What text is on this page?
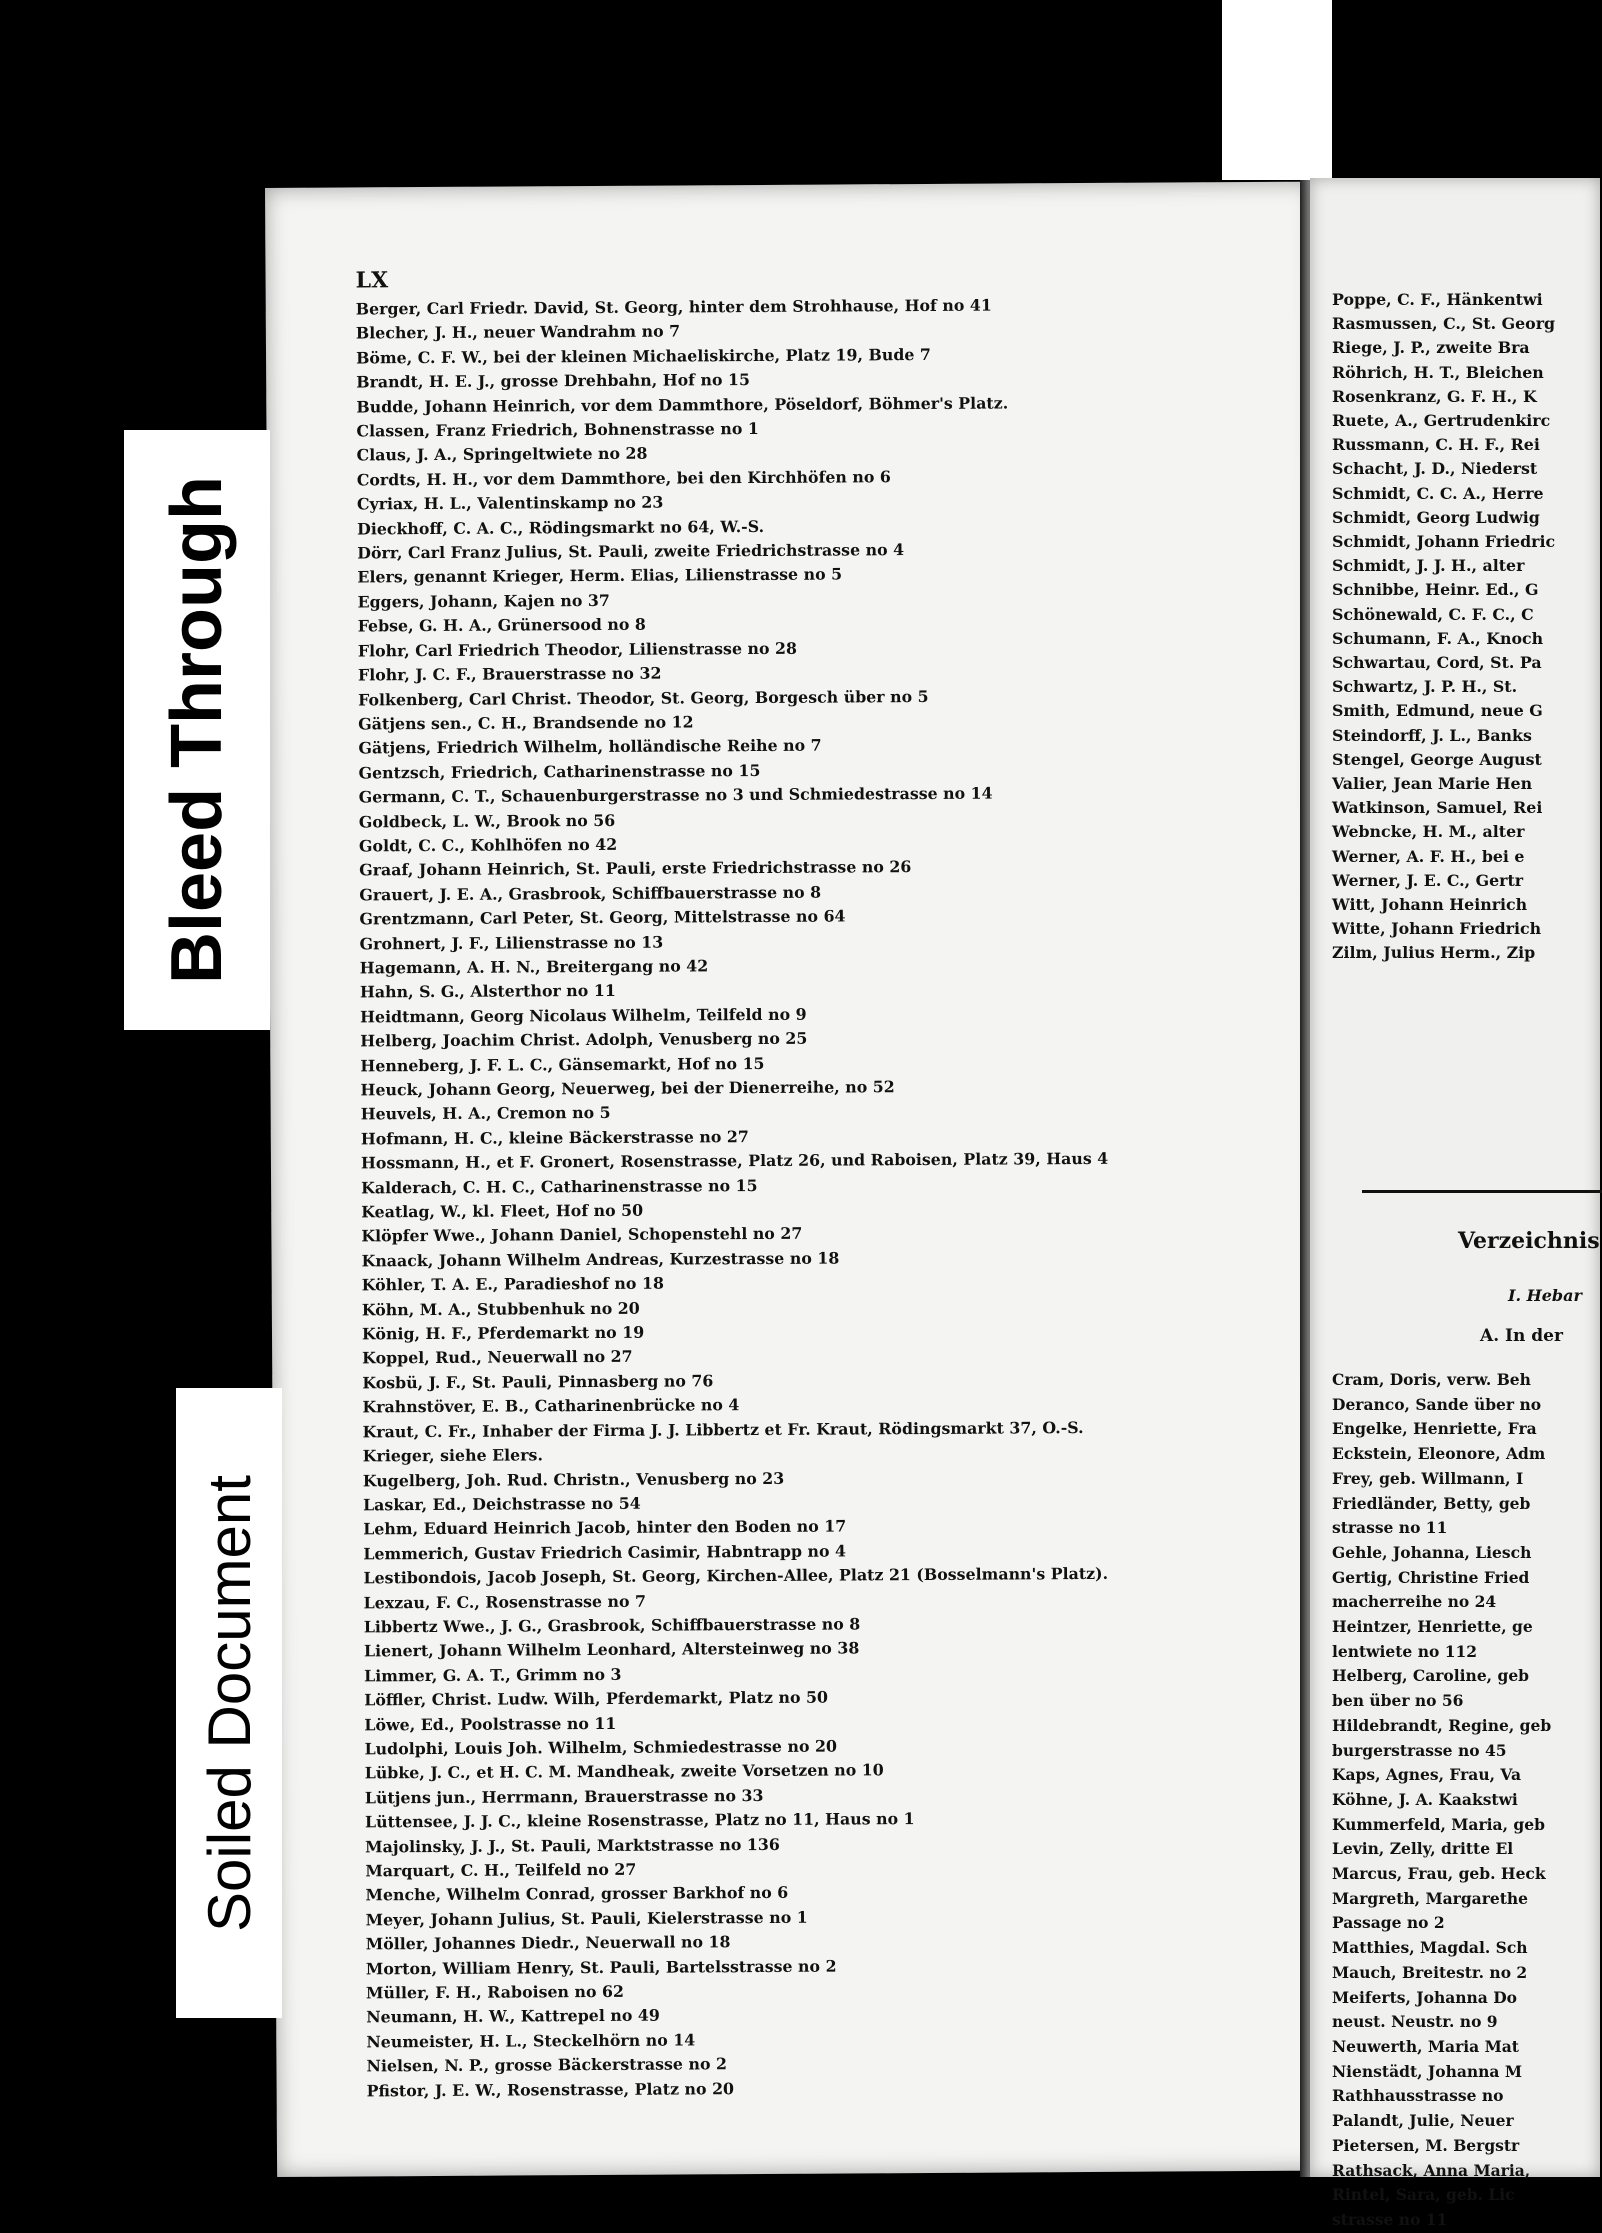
LX
Berger, Carl Friedr. David, St. Georg, hinter dem Strohhause, Hof no 41
Blecher, J. H., neuer Wandrahm no 7
Böme, C. F. W., bei der kleinen Michaeliskirche, Platz 19, Bude 7
Brandt, H. E. J., grosse Drehbahn, Hof no 15
Budde, Johann Heinrich, vor dem Dammthore, Pöseldorf, Böhmer's Platz.
Classen, Franz Friedrich, Bohnenstrasse no 1
Claus, J. A., Springeltwiete no 28
Cordts, H. H., vor dem Dammthore, bei den Kirchhöfen no 6
Cyriax, H. L., Valentinskamp no 23
Dieckhoff, C. A. C., Rödingsmarkt no 64, W.-S.
Dörr, Carl Franz Julius, St. Pauli, zweite Friedrichstrasse no 4
Elers, genannt Krieger, Herm. Elias, Lilienstrasse no 5
Eggers, Johann, Kajen no 37
Febse, G. H. A., Grünersood no 8
Flohr, Carl Friedrich Theodor, Lilienstrasse no 28
Flohr, J. C. F., Brauerstrasse no 32
Folkenberg, Carl Christ. Theodor, St. Georg, Borgesch über no 5
Gätjens sen., C. H., Brandsende no 12
Gätjens, Friedrich Wilhelm, holländische Reihe no 7
Gentzsch, Friedrich, Catharinenstrasse no 15
Germann, C. T., Schauenburgerstrasse no 3 und Schmiedestrasse no 14
Goldbeck, L. W., Brook no 56
Goldt, C. C., Kohlhöfen no 42
Graaf, Johann Heinrich, St. Pauli, erste Friedrichstrasse no 26
Grauert, J. E. A., Grasbrook, Schiffbauerstrasse no 8
Grentzmann, Carl Peter, St. Georg, Mittelstrasse no 64
Grohnert, J. F., Lilienstrasse no 13
Hagemann, A. H. N., Breitergang no 42
Hahn, S. G., Alsterthor no 11
Heidtmann, Georg Nicolaus Wilhelm, Teilfeld no 9
Helberg, Joachim Christ. Adolph, Venusberg no 25
Henneberg, J. F. L. C., Gänsemarkt, Hof no 15
Heuck, Johann Georg, Neuerweg, bei der Dienerreihe, no 52
Heuvels, H. A., Cremon no 5
Hofmann, H. C., kleine Bäckerstrasse no 27
Hossmann, H., et F. Gronert, Rosenstrasse, Platz 26, und Raboisen, Platz 39, Haus 4
Kalderach, C. H. C., Catharinenstrasse no 15
Keatlag, W., kl. Fleet, Hof no 50
Klöpfer Wwe., Johann Daniel, Schopenstehl no 27
Knaack, Johann Wilhelm Andreas, Kurzestrasse no 18
Köhler, T. A. E., Paradieshof no 18
Köhn, M. A., Stubbenhuk no 20
König, H. F., Pferdemarkt no 19
Koppel, Rud., Neuerwall no 27
Kosbü, J. F., St. Pauli, Pinnasberg no 76
Krahnstöver, E. B., Catharinenbrücke no 4
Kraut, C. Fr., Inhaber der Firma J. J. Libbertz et Fr. Kraut, Rödingsmarkt 37, O.-S.
Krieger, siehe Elers.
Kugelberg, Joh. Rud. Christn., Venusberg no 23
Laskar, Ed., Deichstrasse no 54
Lehm, Eduard Heinrich Jacob, hinter den Boden no 17
Lemmerich, Gustav Friedrich Casimir, Habntrapp no 4
Lestibondois, Jacob Joseph, St. Georg, Kirchen-Allee, Platz 21 (Bosselmann's Platz).
Lexzau, F. C., Rosenstrasse no 7
Libbertz Wwe., J. G., Grasbrook, Schiffbauerstrasse no 8
Lienert, Johann Wilhelm Leonhard, Altersteinweg no 38
Limmer, G. A. T., Grimm no 3
Löffler, Christ. Ludw. Wilh, Pferdemarkt, Platz no 50
Löwe, Ed., Poolstrasse no 11
Ludolphi, Louis Joh. Wilhelm, Schmiedestrasse no 20
Lübke, J. C., et H. C. M. Mandheak, zweite Vorsetzen no 10
Lütjens jun., Herrmann, Brauerstrasse no 33
Lüttensee, J. J. C., kleine Rosenstrasse, Platz no 11, Haus no 1
Majolinsky, J. J., St. Pauli, Marktstrasse no 136
Marquart, C. H., Teilfeld no 27
Menche, Wilhelm Conrad, grosser Barkhof no 6
Meyer, Johann Julius, St. Pauli, Kielerstrasse no 1
Möller, Johannes Diedr., Neuerwall no 18
Morton, William Henry, St. Pauli, Bartelsstrasse no 2
Müller, F. H., Raboisen no 62
Neumann, H. W., Kattrepel no 49
Neumeister, H. L., Steckelhörn no 14
Nielsen, N. P., grosse Bäckerstrasse no 2
Pfistor, J. E. W., Rosenstrasse, Platz no 20
Poppe, C. F., Hänkentwi
Rasmussen, C., St. Georg
Riege, J. P., zweite Bra
Röhrich, H. T., Bleichen
Rosenkranz, G. F. H., K
Ruete, A., Gertrudenkirc
Russmann, C. H. F., Rei
Schacht, J. D., Niederst
Schmidt, C. C. A., Herre
Schmidt, Georg Ludwig
Schmidt, Johann Friedric
Schmidt, J. J. H., alter
Schnibbe, Heinr. Ed., G
Schönewald, C. F. C., C
Schumann, F. A., Knoch
Schwartau, Cord, St. Pa
Schwartz, J. P. H., St.
Smith, Edmund, neue G
Steindorff, J. L., Banks
Stengel, George August
Valier, Jean Marie Hen
Watkinson, Samuel, Rei
Webncke, H. M., alter
Werner, A. F. H., bei e
Werner, J. E. C., Gertr
Witt, Johann Heinrich
Witte, Johann Friedrich
Zilm, Julius Herm., Zip
Verzeichnis
I. Hebar
A. In der
Cram, Doris, verw. Beh
Deranco, Sande über no
Engelke, Henriette, Fra
Eckstein, Eleonore, Adm
Frey, geb. Willmann, I
Friedländer, Betty, geb
strasse no 11
Gehle, Johanna, Liesch
Gertig, Christine Fried
macherreihe no 24
Heintzer, Henriette, ge
lentwiete no 112
Helberg, Caroline, geb
ben über no 56
Hildebrandt, Regine, geb
burgerstrasse no 45
Kaps, Agnes, Frau, Va
Köhne, J. A. Kaakstwi
Kummerfeld, Maria, geb
Levin, Zelly, dritte El
Marcus, Frau, geb. Heck
Margreth, Margarethe
Passage no 2
Matthies, Magdal. Sch
Mauch, Breitestr. no 2
Meiferts, Johanna Do
neust. Neustr. no 9
Neuwerth, Maria Mat
Nienstädt, Johanna M
Rathhausstrasse no
Palandt, Julie, Neuer
Pietersen, M. Bergstr
Rathsack, Anna Maria,
Rintel, Sara, geb. Lic
strasse no 11
Bleed Through
Soiled Document
